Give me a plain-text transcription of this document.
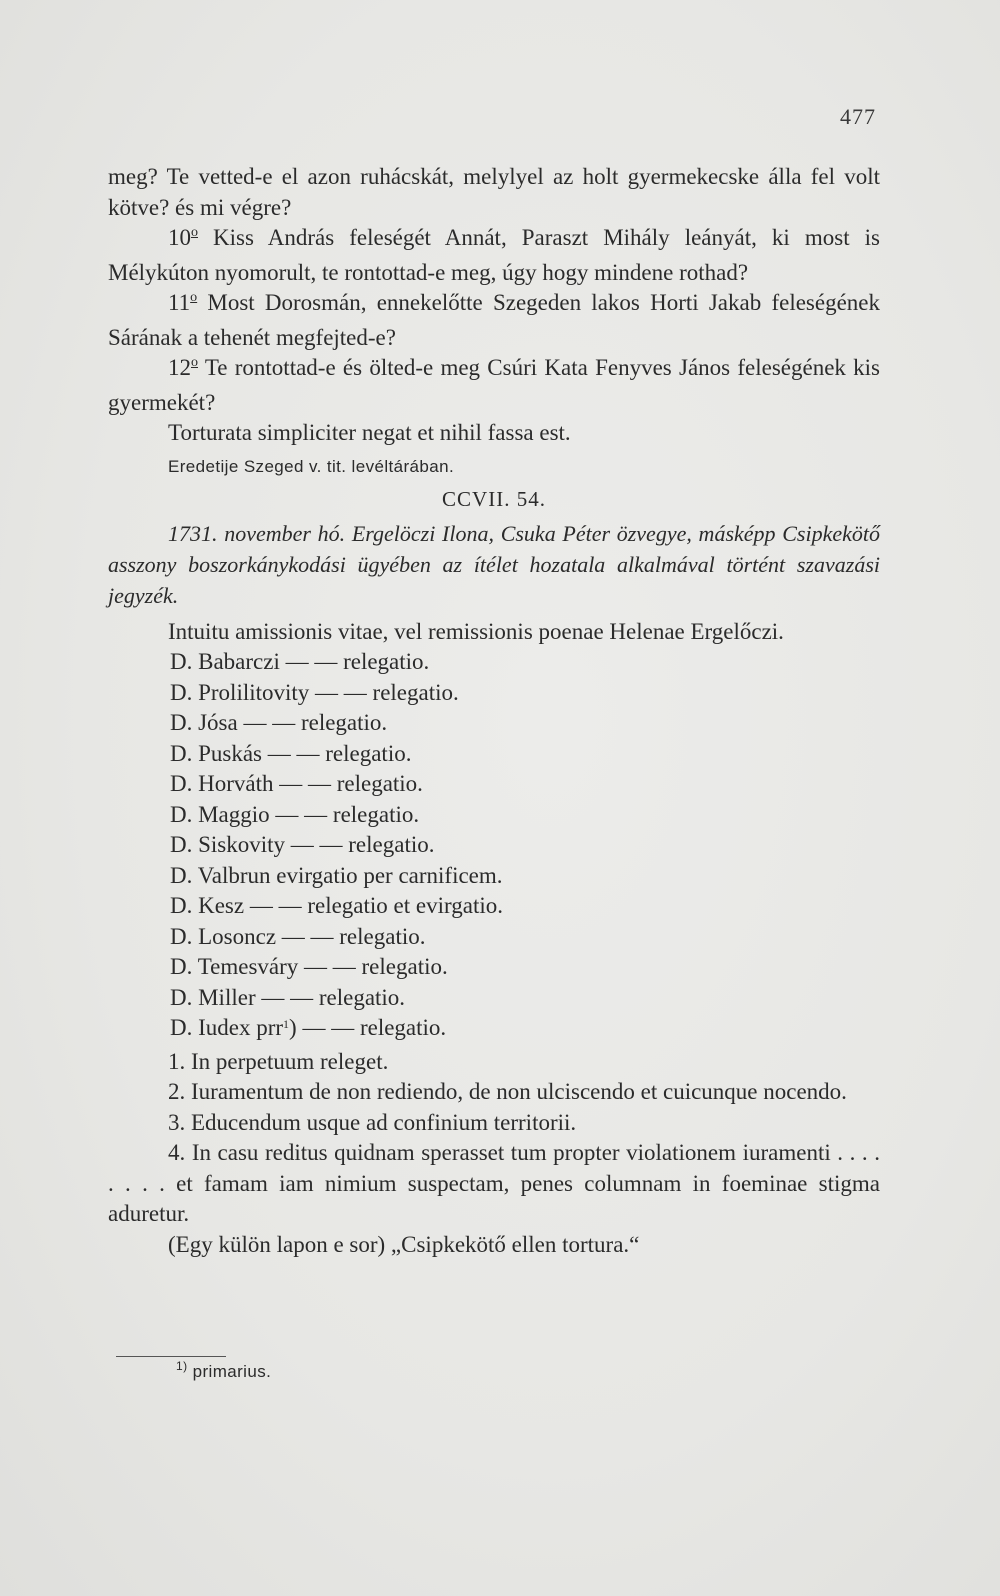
477

meg? Te vetted-e el azon ruhácskát, melylyel az holt gyermekecske álla fel volt kötve? és mi végre?

10$^o$ Kiss András feleségét Annát, Paraszt Mihály leányát, ki most is Mélykúton nyomorult, te rontottad-e meg, úgy hogy mindene rothad?

11$^o$ Most Dorosmán, ennekelőtte Szegeden lakos Horti Jakab feleségének Sárának a tehenét megfejted-e?

12$^o$ Te rontottad-e és ölted-e meg Csúri Kata Fenyves János feleségének kis gyermekét?

Torturata simpliciter negat et nihil fassa est.

Eredetije Szeged v. tit. levéltárában.

CCVII. 54.

1731. november hó. Ergelöczi Ilona, Csuka Péter özvegye, másképp Csipkekötő asszony boszorkánykodási ügyében az ítélet hozatala alkalmával történt szavazási jegyzék.

Intuitu amissionis vitae, vel remissionis poenae Helenae Ergelőczi.

D. Babarczi — — relegatio.

D. Prolilitovity — — relegatio.

D. Jósa — — relegatio.

D. Puskás — — relegatio.

D. Horváth — — relegatio.

D. Maggio — — relegatio.

D. Siskovity — — relegatio.

D. Valbrun evirgatio per carnificem.

D. Kesz — — relegatio et evirgatio.

D. Losoncz — — relegatio.

D. Temesváry — — relegatio.

D. Miller — — relegatio.

D. Iudex prr$^1$) — — relegatio.

1. In perpetuum releget.

2. Iuramentum de non rediendo, de non ulciscendo et cuicunque nocendo.

3. Educendum usque ad confinium territorii.

4. In casu reditus quidnam sperasset tum propter violationem iuramenti . . . . . . . . et famam iam nimium suspectam, penes columnam in foeminae stigma aduretur.

(Egy külön lapon e sor) „Csipkekötő ellen tortura.“

$^{1)}$ primarius.
